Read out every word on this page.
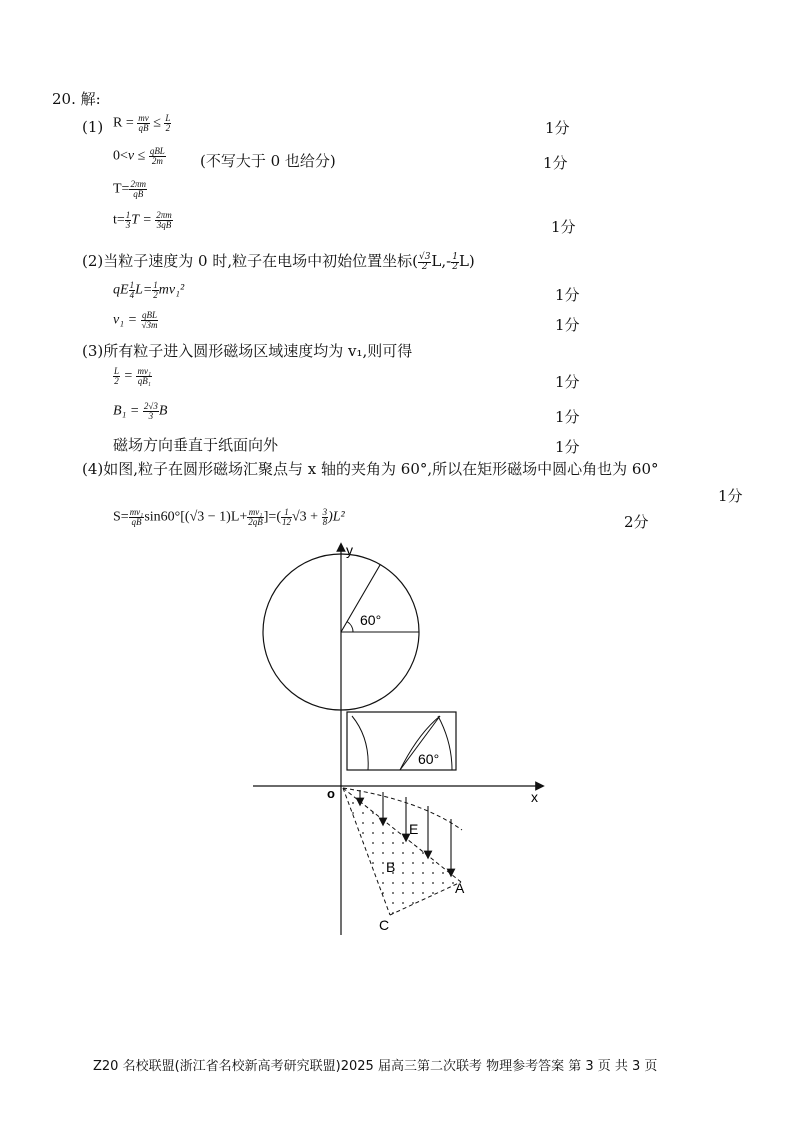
20. 解:
(1) $R = \frac{mv}{qB} \le \frac{L}{2}$	1分
$0<v \le \frac{\text{qBL}}{2m}$ (不写大于 0 也给分)	1分
$T= \frac{2\pi m}{qB}$
$t= \frac{1}{3}$ $T = \frac{2\pi m}{3qB}$	1分
(2)当粒子速度为 0 时,粒子在电场中初始位置坐标( $\frac{√3}{2} L,- \frac{1}{2} L$)
qE $\frac{1}{4} L= \frac{1}{2} mv_1^2$	1分
$v_1 = \frac{\text{qBL}}{√3m}$	1分
(3)所有粒子进入圆形磁场区域速度均为 v₁,则可得
$\frac{L}{2} = \frac{\text{mv₁}}{\text{qB₁}}$	1分
$B_1 = \frac{2√3}{3}$ B	1分
磁场方向垂直于纸面向外	1分
(4)如图,粒子在圆形磁场汇聚点与 x 轴的夹角为 60°,所以在矩形磁场中圆心角也为 60°
1分
$S= \frac{\text{mv₁}}{qB} \sin 60^\circ[(√3 - 1)L+ \frac{\text{mv₁}}{2qB}$ ]=( $\frac{1}{12} √3 + \frac{3}{8} )L^2$	2分
y
x
o
60°
60°
E
B
A
C
Z20 名校联盟(浙江省名校新高考研究联盟)2025 届高三第二次联考 物理参考答案 第 3 页 共 3 页
